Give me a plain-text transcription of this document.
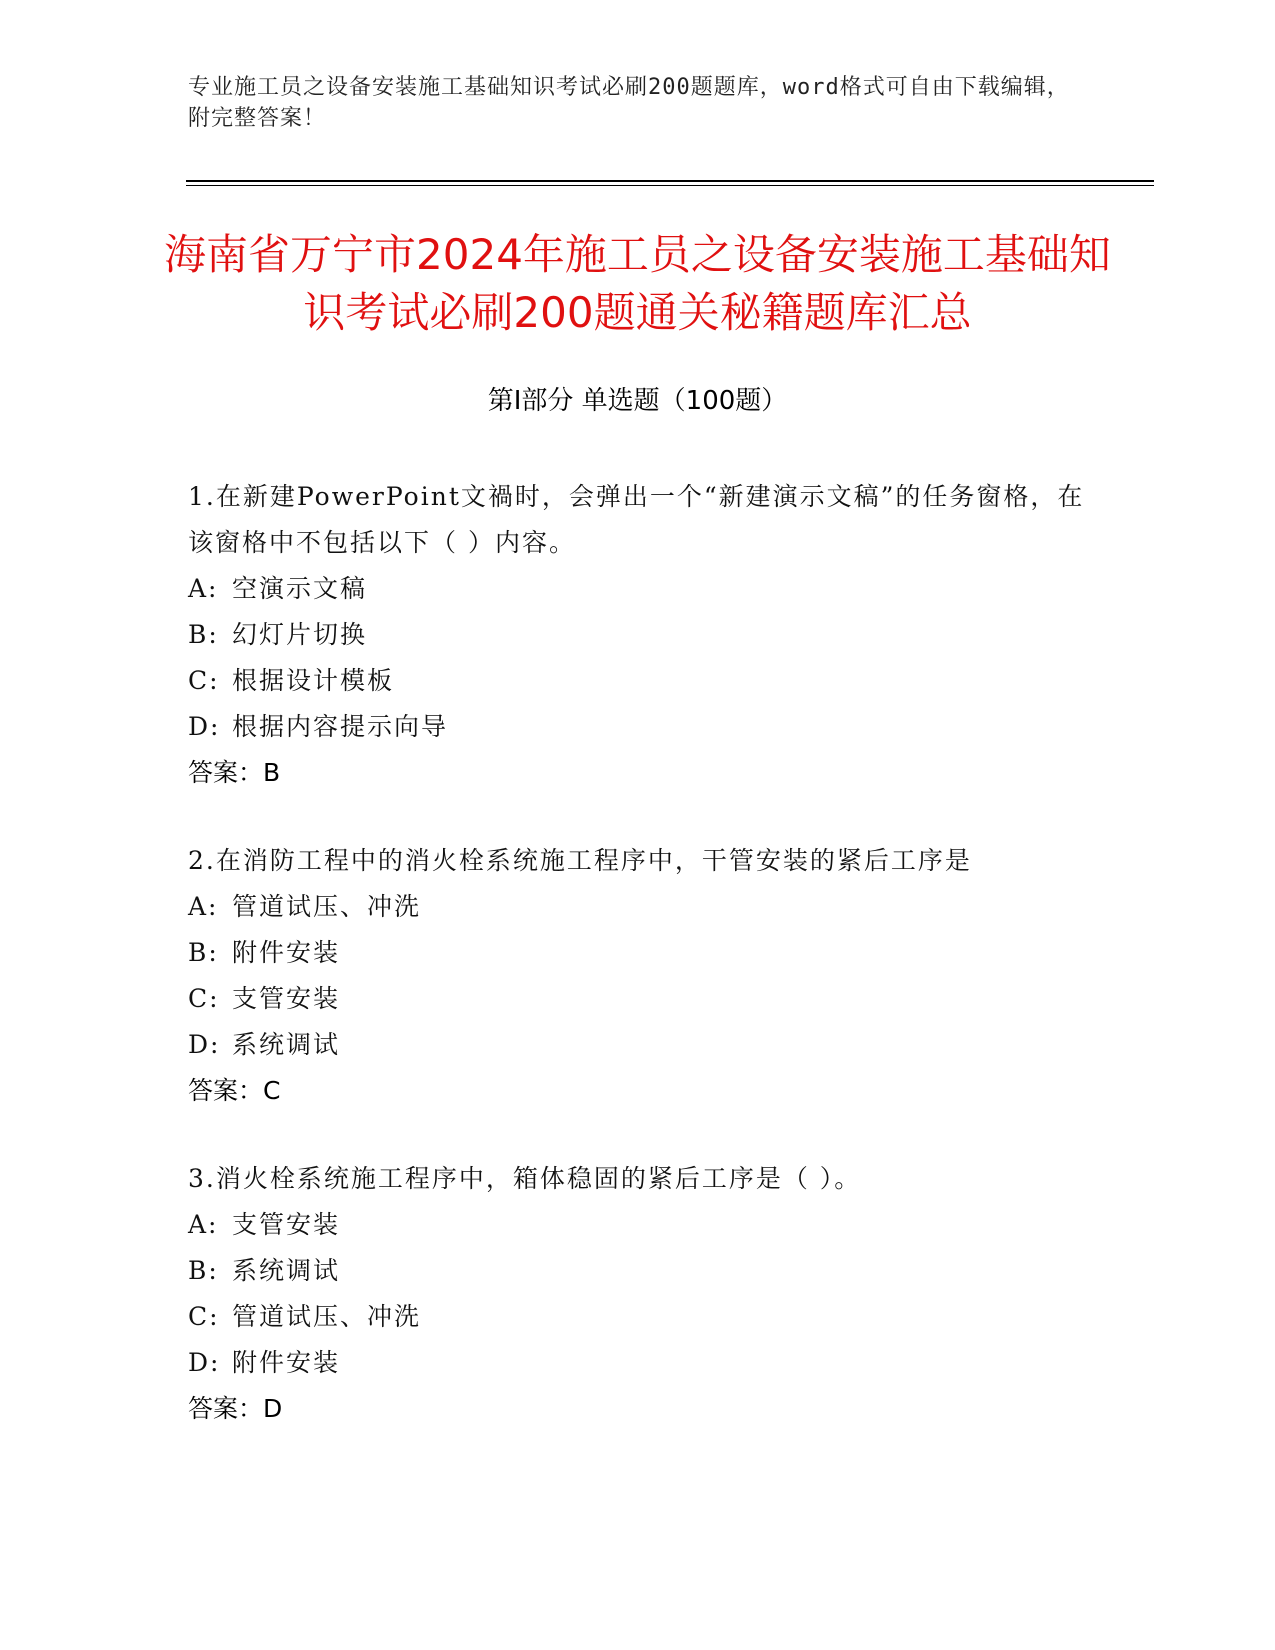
专业施工员之设备安装施工基础知识考试必刷200题题库，word格式可自由下载编辑，附完整答案！
海南省万宁市2024年施工员之设备安装施工基础知识考试必刷200题通关秘籍题库汇总
第Ⅰ部分 单选题（100题）
1.在新建PowerPoint文禍时，会弹出一个“新建演示文稿”的任务窗格，在该窗格中不包括以下（ ）内容。
A: 空演示文稿
B: 幻灯片切换
C: 根据设计模板
D: 根据内容提示向导
答案：B
2.在消防工程中的消火栓系统施工程序中，干管安装的紧后工序是
A: 管道试压、冲洗
B: 附件安装
C: 支管安装
D: 系统调试
答案：C
3.消火栓系统施工程序中，箱体稳固的紧后工序是（ ）。
A: 支管安装
B: 系统调试
C: 管道试压、冲洗
D: 附件安装
答案：D
